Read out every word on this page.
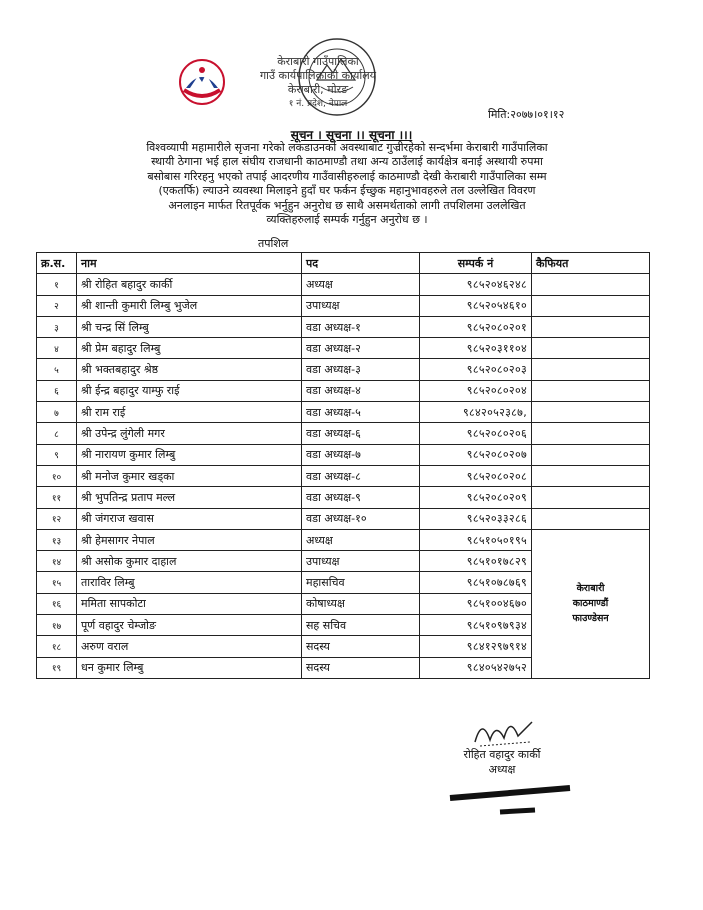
केराबारी गाउँपालिका
गाउँ कार्यपालिकाको कार्यालय
केराबारी, मोरङ
१ नं. प्रदेश, नेपाल
मिति:२०७७।०१।१२
सूचन । सूचना ।। सूचना ।।।
विश्वव्यापी महामारीले सृजना गरेको लकडाउनको अवस्थाबाट गुज्रीरहेको सन्दर्भमा केराबारी गाउँपालिका
स्थायी ठेगाना भई हाल संघीय राजधानी काठमाण्डौ तथा अन्य ठाउँलाई कार्यक्षेत्र बनाई अस्थायी रुपमा
बसोबास गरिरहनु भएको तपाई आदरणीय गाउँवासीहरुलाई काठमाण्डौ देखी केराबारी गाउँपालिका सम्म
(एकतर्फि) ल्याउने व्यवस्था मिलाइने हुदाँ घर फर्कन ईच्छुक महानुभावहरुले तल उल्लेखित विवरण
अनलाइन मार्फत रितपूर्वक भर्नुहुन अनुरोध छ साथै असमर्थताको लागी तपशिलमा उललेखित
व्यक्तिहरुलाई सम्पर्क गर्नुहुन अनुरोध छ ।
तपशिल
क्र.स.	नाम	पद	सम्पर्क नं	कैफियत
१	श्री रोहित बहादुर कार्की	अध्यक्ष	९८५२०४६२४८	
२	श्री शान्ती कुमारी लिम्बु भुजेल	उपाध्यक्ष	९८५२०५४६१०	
३	श्री चन्द्र सिं लिम्बु	वडा अध्यक्ष-१	९८५२०८०२०१	
४	श्री प्रेम बहादुर लिम्बु	वडा अध्यक्ष-२	९८५२०३११०४	
५	श्री भक्तबहादुर श्रेष्ठ	वडा अध्यक्ष-३	९८५२०८०२०३	
६	श्री ईन्द्र बहादुर याम्फु राई	वडा अध्यक्ष-४	९८५२०८०२०४	
७	श्री राम राई	वडा अध्यक्ष-५	९८४२०५२३८७,	
८	श्री उपेन्द्र लुंगेली मगर	वडा अध्यक्ष-६	९८५२०८०२०६	
९	श्री नारायण कुमार लिम्बु	वडा अध्यक्ष-७	९८५२०८०२०७	
१०	श्री मनोज कुमार खड्का	वडा अध्यक्ष-८	९८५२०८०२०८	
११	श्री भुपतिन्द्र प्रताप मल्ल	वडा अध्यक्ष-९	९८५२०८०२०९	
१२	श्री जंगराज खवास	वडा अध्यक्ष-१०	९८५२०३३२८६	
१३	श्री हेमसागर नेपाल	अध्यक्ष	९८५१०५०१९५	केराबारी
काठमाण्डौं
फाउण्डेसन

१४	श्री असोक कुमार दाहाल	उपाध्यक्ष	९८५१०१७८२९	
१५	ताराविर लिम्बु	महासचिव	९८५१०७८७६९	
१६	ममिता सापकोटा	कोषाध्यक्ष	९८५१००४६७०	
१७	पूर्ण वहादुर चेम्जोङ	सह सचिव	९८५१०९७९३४	
१८	अरुण वराल	सदस्य	९८४१२९७९१४	
१९	धन कुमार लिम्बु	सदस्य	९८४०५४२७५२	
रोहित वहादुर कार्की
अध्यक्ष
